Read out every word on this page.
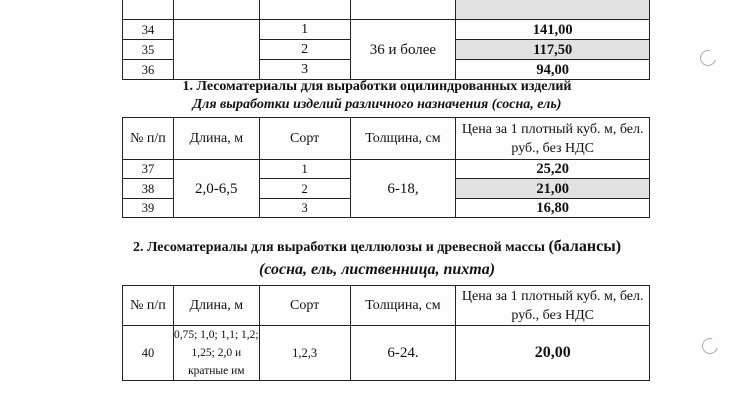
34		1	36 и более	141,00
35		2		117,50
36		3		94,00
1. Лесоматериалы для выработки оцилиндрованных изделий
Для выработки изделий различного назначения (сосна, ель)
№ п/п	Длина, м	Сорт	Толщина, см	Цена за 1 плотный куб. м, бел. руб., без НДС
37	2,0-6,5	1	6-18,	25,20
38		2		21,00
39		3		16,80
2. Лесоматериалы для выработки целлюлозы и древесной массы (балансы)
(сосна, ель, лиственница, пихта)
№ п/п	Длина, м	Сорт	Толщина, см	Цена за 1 плотный куб. м, бел. руб., без НДС
40	0,75; 1,0; 1,1; 1,2; 1,25; 2,0 и кратные им	1,2,3	6-24.	20,00
